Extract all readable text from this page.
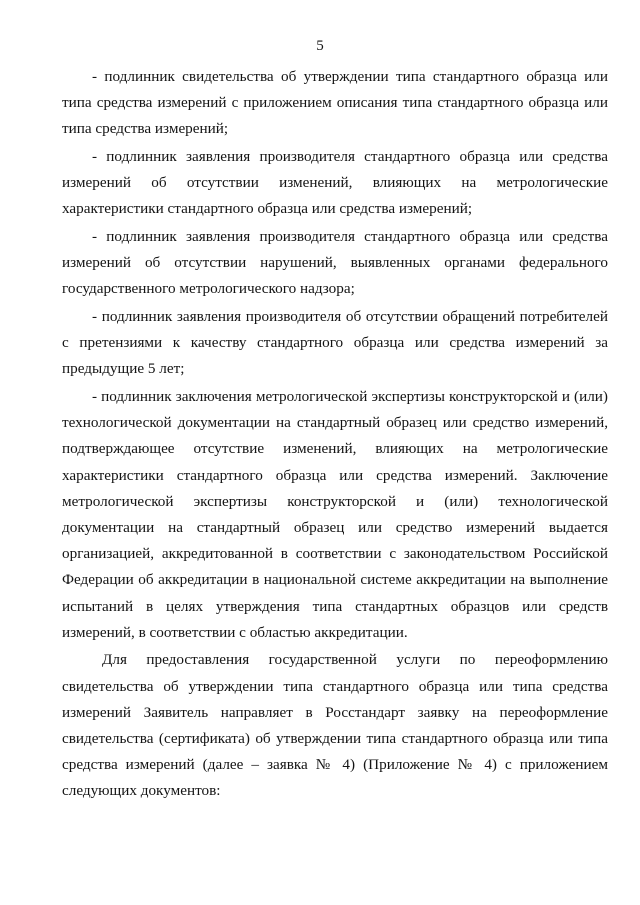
5

- подлинник свидетельства об утверждении типа стандартного образца или типа средства измерений с приложением описания типа стандартного образца или типа средства измерений;

- подлинник заявления производителя стандартного образца или средства измерений об отсутствии изменений, влияющих на метрологические характеристики стандартного образца или средства измерений;

- подлинник заявления производителя стандартного образца или средства измерений об отсутствии нарушений, выявленных органами федерального государственного метрологического надзора;

- подлинник заявления производителя об отсутствии обращений потребителей с претензиями к качеству стандартного образца или средства измерений за предыдущие 5 лет;

- подлинник заключения метрологической экспертизы конструкторской и (или) технологической документации на стандартный образец или средство измерений, подтверждающее отсутствие изменений, влияющих на метрологические характеристики стандартного образца или средства измерений. Заключение метрологической экспертизы конструкторской и (или) технологической документации на стандартный образец или средство измерений выдается организацией, аккредитованной в соответствии с законодательством Российской Федерации об аккредитации в национальной системе аккредитации на выполнение испытаний в целях утверждения типа стандартных образцов или средств измерений, в соответствии с областью аккредитации.

Для предоставления государственной услуги по переоформлению свидетельства об утверждении типа стандартного образца или типа средства измерений Заявитель направляет в Росстандарт заявку на переоформление свидетельства (сертификата) об утверждении типа стандартного образца или типа средства измерений (далее – заявка № 4) (Приложение № 4) с приложением следующих документов:
